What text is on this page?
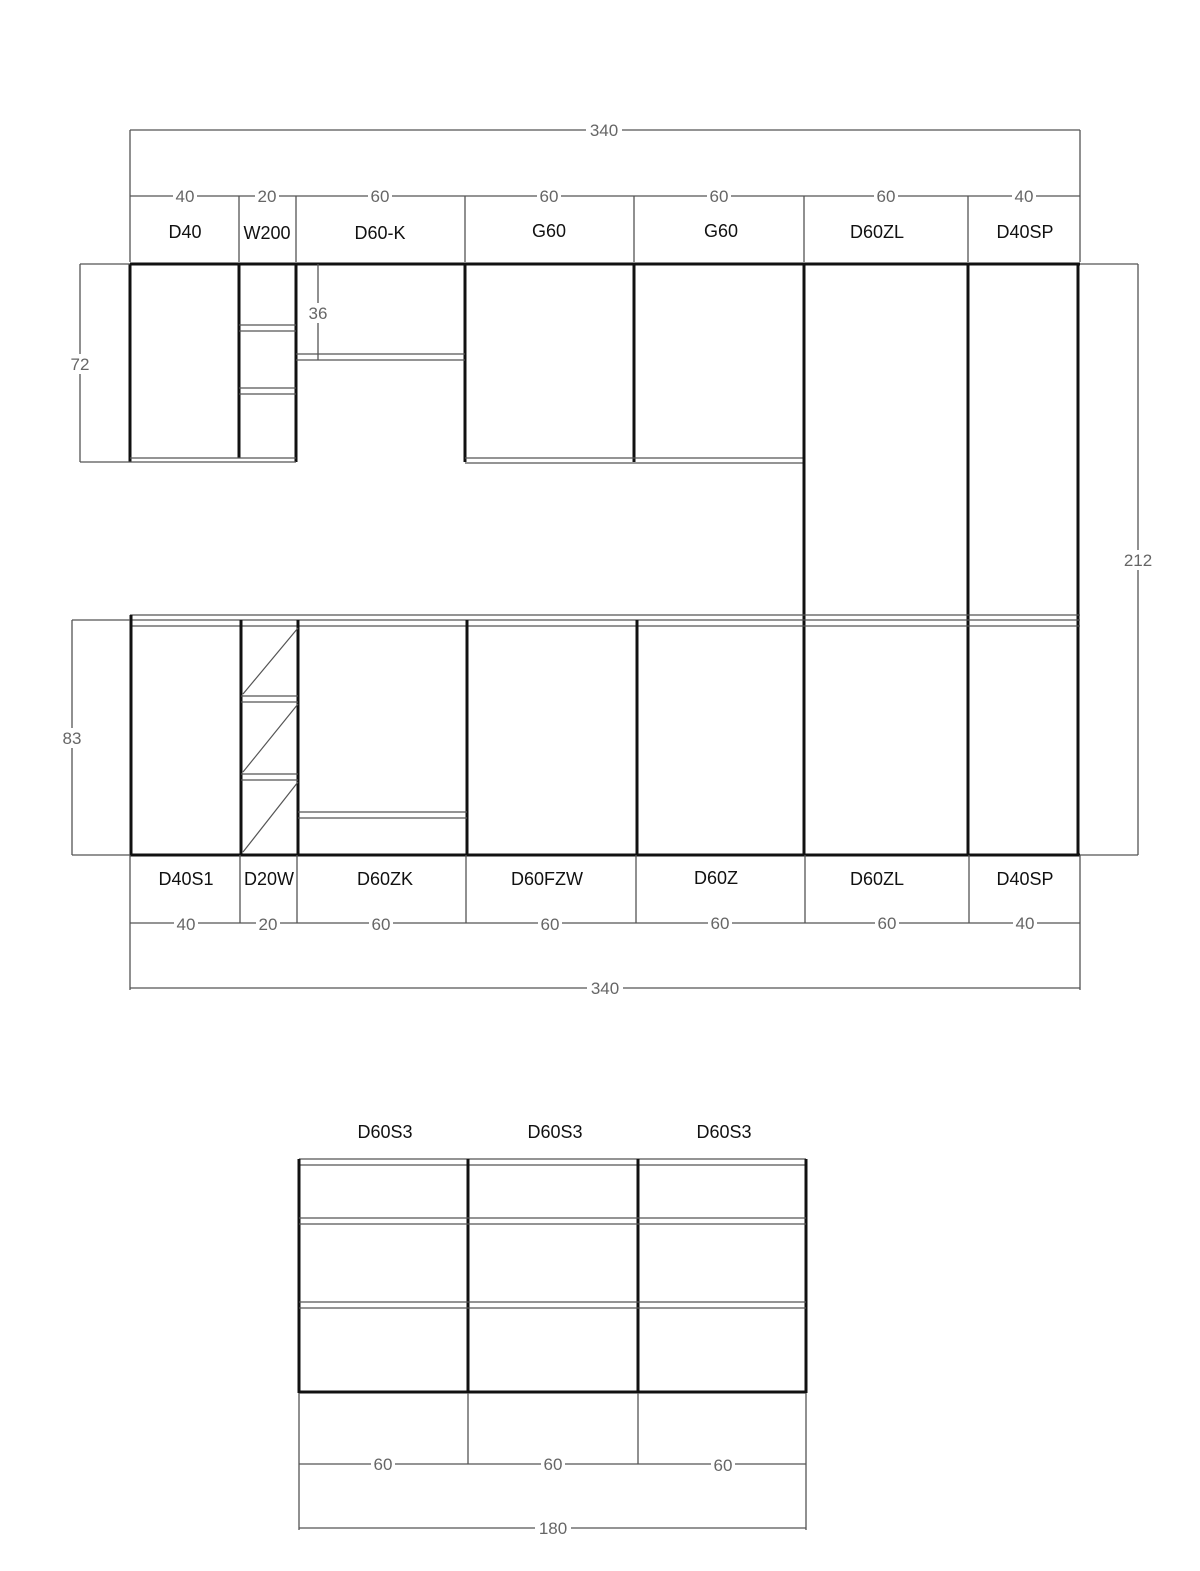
340
40	20	60	60	60	60	40
D40 W200	D60-K	G60	G60	D60ZL	D40SP
36
72
212
83
D40S1 D20W	D60ZK	D60FZW	D60Z	D60ZL	D40SP
40	20	60	60	60	60	40
340
D60S3	D60S3	D60S3
60	60	60
180
